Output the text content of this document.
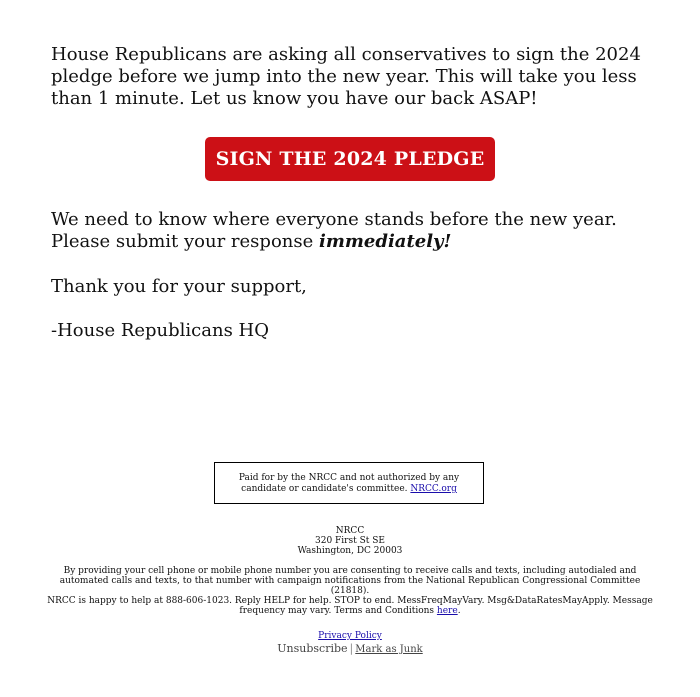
House Republicans are asking all conservatives to sign the 2024 pledge before we jump into the new year. This will take you less than 1 minute. Let us know you have our back ASAP!

SIGN THE 2024 PLEDGE

We need to know where everyone stands before the new year. Please submit your response immediately!

Thank you for your support,

-House Republicans HQ

Paid for by the NRCC and not authorized by any candidate or candidate's committee. NRCC.org
NRCC
320 First St SE
Washington, DC 20003
By providing your cell phone or mobile phone number you are consenting to receive calls and texts, including autodialed and automated calls and texts, to that number with campaign notifications from the National Republican Congressional Committee (21818).
NRCC is happy to help at 888-606-1023. Reply HELP for help. STOP to end. MessFreqMayVary. Msg&DataRatesMayApply. Message frequency may vary. Terms and Conditions here.
Privacy Policy
Unsubscribe | Mark as Junk
